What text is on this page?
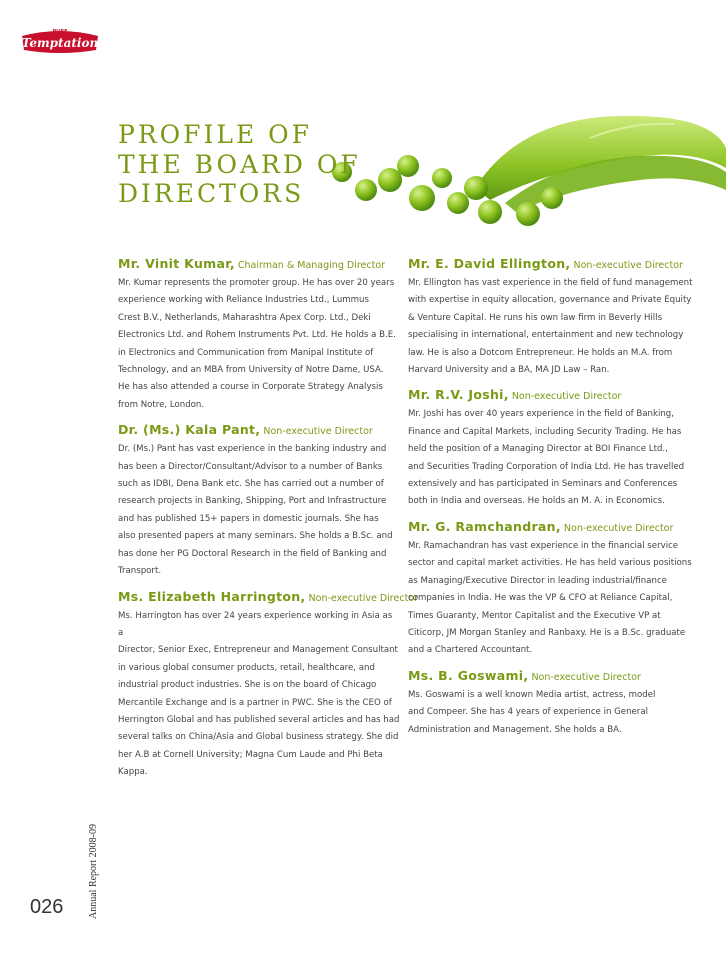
PURE
Temptation
PROFILE OF
THE BOARD OF
DIRECTORS
Mr. Vinit Kumar, Chairman & Managing Director

Mr. Kumar represents the promoter group. He has over 20 years
experience working with Reliance Industries Ltd., Lummus
Crest B.V., Netherlands, Maharashtra Apex Corp. Ltd., Deki
Electronics Ltd. and Rohem Instruments Pvt. Ltd. He holds a B.E.
in Electronics and Communication from Manipal Institute of
Technology, and an MBA from University of Notre Dame, USA.
He has also attended a course in Corporate Strategy Analysis
from Notre, London.

Dr. (Ms.) Kala Pant, Non-executive Director

Dr. (Ms.) Pant has vast experience in the banking industry and
has been a Director/Consultant/Advisor to a number of Banks
such as IDBI, Dena Bank etc. She has carried out a number of
research projects in Banking, Shipping, Port and Infrastructure
and has published 15+ papers in domestic journals. She has
also presented papers at many seminars. She holds a B.Sc. and
has done her PG Doctoral Research in the field of Banking and
Transport.

Ms. Elizabeth Harrington, Non-executive Director

Ms. Harrington has over 24 years experience working in Asia as a
Director, Senior Exec, Entrepreneur and Management Consultant
in various global consumer products, retail, healthcare, and
industrial product industries. She is on the board of Chicago
Mercantile Exchange and is a partner in PWC. She is the CEO of
Herrington Global and has published several articles and has had
several talks on China/Asia and Global business strategy. She did
her A.B at Cornell University; Magna Cum Laude and Phi Beta
Kappa.

Mr. E. David Ellington, Non-executive Director

Mr. Ellington has vast experience in the field of fund management
with expertise in equity allocation, governance and Private Equity
& Venture Capital. He runs his own law firm in Beverly Hills
specialising in international, entertainment and new technology
law. He is also a Dotcom Entrepreneur. He holds an M.A. from
Harvard University and a BA, MA JD Law – Ran.

Mr. R.V. Joshi, Non-executive Director

Mr. Joshi has over 40 years experience in the field of Banking,
Finance and Capital Markets, including Security Trading. He has
held the position of a Managing Director at BOI Finance Ltd.,
and Securities Trading Corporation of India Ltd. He has travelled
extensively and has participated in Seminars and Conferences
both in India and overseas. He holds an M. A. in Economics.

Mr. G. Ramchandran, Non-executive Director

Mr. Ramachandran has vast experience in the financial service
sector and capital market activities. He has held various positions
as Managing/Executive Director in leading industrial/finance
companies in India. He was the VP & CFO at Reliance Capital,
Times Guaranty, Mentor Capitalist and the Executive VP at
Citicorp, JM Morgan Stanley and Ranbaxy. He is a B.Sc. graduate
and a Chartered Accountant.

Ms. B. Goswami, Non-executive Director

Ms. Goswami is a well known Media artist, actress, model
and Compeer. She has 4 years of experience in General
Administration and Management. She holds a BA.

Annual Report 2008-09
026
